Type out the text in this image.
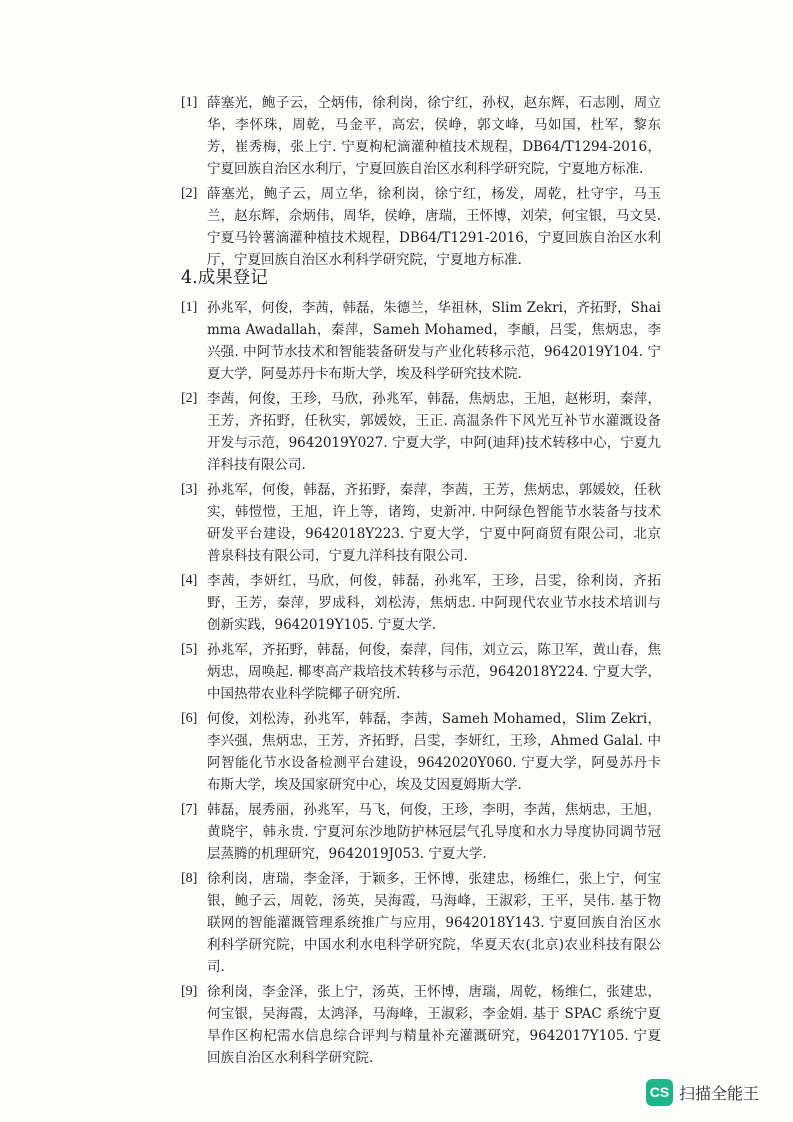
[1] 薛塞光，鲍子云，仝炳伟，徐利岗，徐宁红，孙权，赵东辉，石志刚，周立华，李怀珠，周乾，马金平，高宏，侯峥，郭文峰，马如国，杜军，黎东芳，崔秀梅，张上宁. 宁夏枸杞滴灌种植技术规程，DB64/T1294-2016，宁夏回族自治区水利厅，宁夏回族自治区水利科学研究院，宁夏地方标准.
[2] 薛塞光，鲍子云，周立华，徐利岗，徐宁红，杨发，周乾，杜守宇，马玉兰，赵东辉，佘炳伟，周华，侯峥，唐瑞，王怀博，刘荣，何宝银，马文昊. 宁夏马铃薯滴灌种植技术规程，DB64/T1291-2016，宁夏回族自治区水利厅，宁夏回族自治区水利科学研究院，宁夏地方标准.
4.成果登记
[1] 孙兆军，何俊，李茜，韩磊，朱德兰，华祖林，Slim Zekri，齐拓野，Shaimma Awadallah，秦萍，Sameh Mohamed，李頔，吕雯，焦炳忠，李兴强. 中阿节水技术和智能装备研发与产业化转移示范，9642019Y104. 宁夏大学，阿曼苏丹卡布斯大学，埃及科学研究技术院.
[2] 李茜，何俊，王珍，马欣，孙兆军，韩磊，焦炳忠，王旭，赵彬玥，秦萍，王芳，齐拓野，任秋实，郭媛姣，王正. 高温条件下风光互补节水灌溉设备开发与示范，9642019Y027. 宁夏大学，中阿(迪拜)技术转移中心，宁夏九洋科技有限公司.
[3] 孙兆军，何俊，韩磊，齐拓野，秦萍，李茜，王芳，焦炳忠，郭媛姣，任秋实，韩愷愷，王旭，许上等，诸筠，史新冲. 中阿绿色智能节水装备与技术研发平台建设，9642018Y223. 宁夏大学，宁夏中阿商贸有限公司，北京普泉科技有限公司，宁夏九洋科技有限公司.
[4] 李茜，李妍红，马欣，何俊，韩磊，孙兆军，王珍，吕雯，徐利岗，齐拓野，王芳，秦萍，罗成科，刘松涛，焦炳忠. 中阿现代农业节水技术培训与创新实践，9642019Y105. 宁夏大学.
[5] 孙兆军，齐拓野，韩磊，何俊，秦萍，闫伟，刘立云，陈卫军，黄山春，焦炳忠，周唤起. 椰枣高产栽培技术转移与示范，9642018Y224. 宁夏大学，中国热带农业科学院椰子研究所.
[6] 何俊，刘松涛，孙兆军，韩磊，李茜，Sameh Mohamed，Slim Zekri，李兴强，焦炳忠，王芳，齐拓野，吕雯，李妍红，王珍，Ahmed Galal. 中阿智能化节水设备检测平台建设，9642020Y060. 宁夏大学，阿曼苏丹卡布斯大学，埃及国家研究中心，埃及艾因夏姆斯大学.
[7] 韩磊，展秀丽，孙兆军，马飞，何俊，王珍，李明，李茜，焦炳忠，王旭，黄晓宇，韩永贵. 宁夏河东沙地防护林冠层气孔导度和水力导度协同调节冠层蒸腾的机理研究，9642019J053. 宁夏大学.
[8] 徐利岗，唐瑞，李金泽，于颖多，王怀博，张建忠，杨维仁，张上宁，何宝银，鲍子云，周乾，汤英，吴海霞，马海峰，王淑彩，王平，吴伟. 基于物联网的智能灌溉管理系统推广与应用，9642018Y143. 宁夏回族自治区水利科学研究院，中国水利水电科学研究院，华夏天农(北京)农业科技有限公司.
[9] 徐利岗，李金泽，张上宁，汤英，王怀博，唐瑞，周乾，杨维仁，张建忠，何宝银，吴海霞，太鸿泽，马海峰，王淑彩，李金娟. 基于 SPAC 系统宁夏旱作区枸杞需水信息综合评判与精量补充灌溉研究，9642017Y105. 宁夏回族自治区水利科学研究院.
CS 扫描全能王
